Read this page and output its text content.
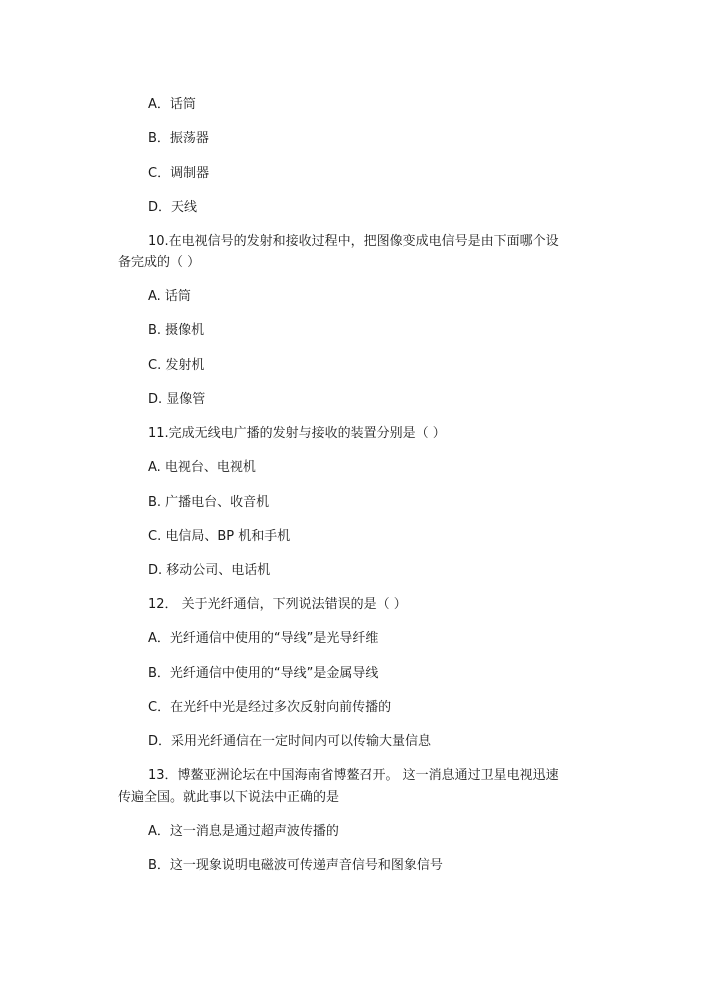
A．话筒
B．振荡器
C．调制器
D．天线
10.在电视信号的发射和接收过程中，把图像变成电信号是由下面哪个设
备完成的（ ）
A. 话筒
B. 摄像机
C. 发射机
D. 显像管
11.完成无线电广播的发射与接收的装置分别是（ ）
A. 电视台、电视机
B. 广播电台、收音机
C. 电信局、BP 机和手机
D. 移动公司、电话机
12． 关于光纤通信，下列说法错误的是（ ）
A．光纤通信中使用的“导线”是光导纤维
B．光纤通信中使用的“导线”是金属导线
C．在光纤中光是经过多次反射向前传播的
D．采用光纤通信在一定时间内可以传输大量信息
13．博鳌亚洲论坛在中国海南省博鳌召开。 这一消息通过卫星电视迅速
传遍全国。就此事以下说法中正确的是
A．这一消息是通过超声波传播的
B．这一现象说明电磁波可传递声音信号和图象信号
